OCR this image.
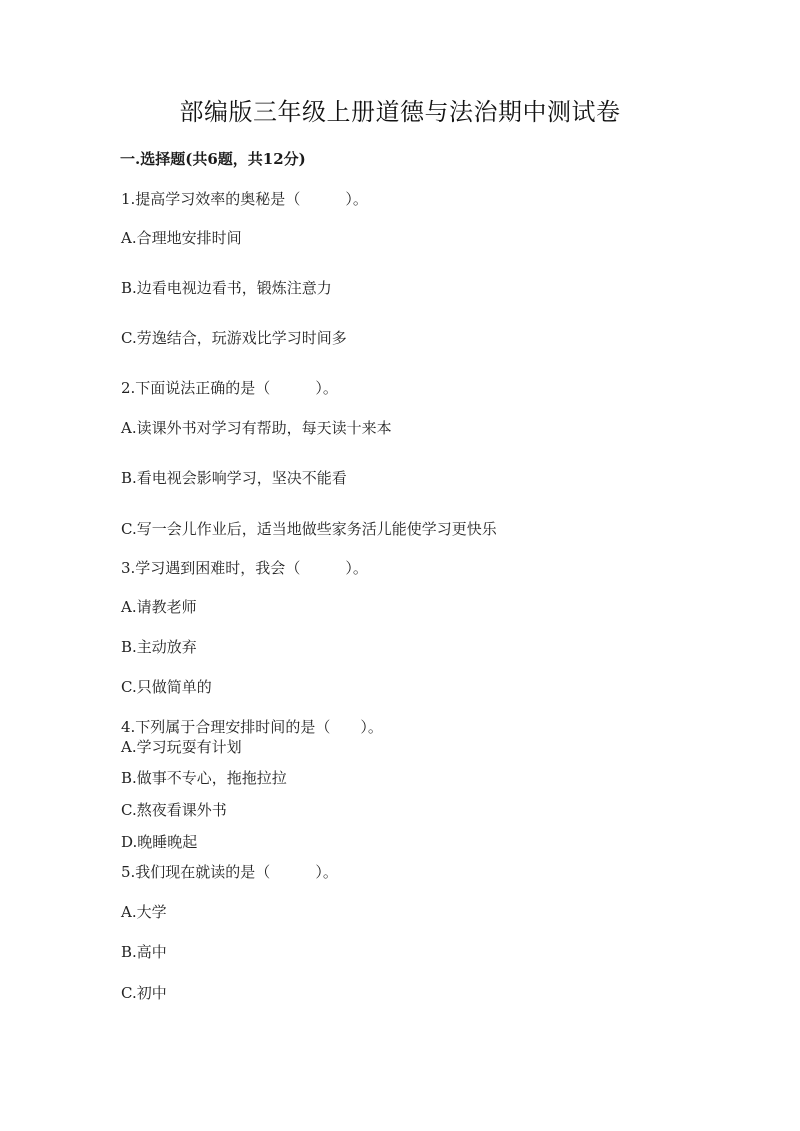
部编版三年级上册道德与法治期中测试卷
一.选择题(共6题，共12分)
1.提高学习效率的奥秘是（　　　）。
A.合理地安排时间
B.边看电视边看书，锻炼注意力
C.劳逸结合，玩游戏比学习时间多
2.下面说法正确的是（　　　）。
A.读课外书对学习有帮助，每天读十来本
B.看电视会影响学习，坚决不能看
C.写一会儿作业后，适当地做些家务活儿能使学习更快乐
3.学习遇到困难时，我会（　　　）。
A.请教老师
B.主动放弃
C.只做简单的
4.下列属于合理安排时间的是（　　）。
A.学习玩耍有计划
B.做事不专心，拖拖拉拉
C.熬夜看课外书
D.晚睡晚起
5.我们现在就读的是（　　　）。
A.大学
B.高中
C.初中
